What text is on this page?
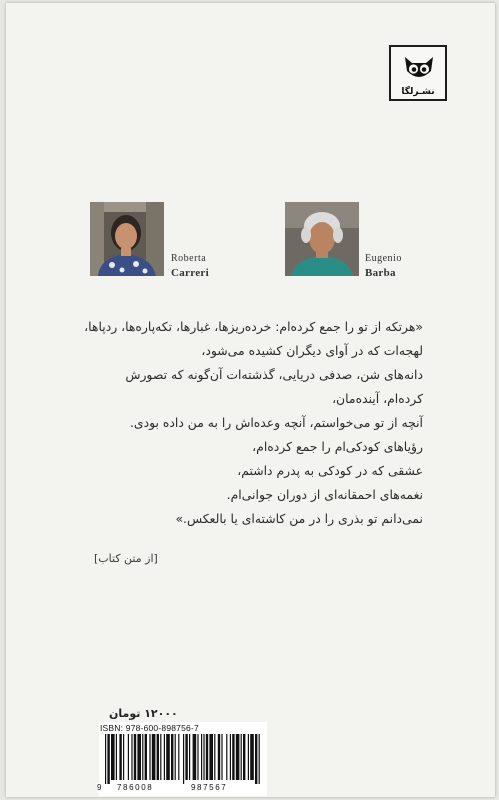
نشـرلگا
Roberta
Carreri
Eugenio
Barba
«هرتکه از تو را جمع کرده‌ام: خرده‌ریزها، غبارها، تکه‌پاره‌ها، ردپاها،
لهجه‌ات که در آوای دیگران کشیده می‌شود،
دانه‌های شن، صدفی دریایی، گذشته‌ات آن‌گونه که تصورش
کرده‌ام، آینده‌مان،
آنچه از تو می‌خواستم، آنچه وعده‌اش را به من داده بودی.
رؤیاهای کودکی‌ام را جمع کرده‌ام،
عشقی که در کودکی به پدرم داشتم،
نغمه‌های احمقانه‌ای از دوران جوانی‌ام.
نمی‌دانم تو بذری را در من کاشته‌ای یا بالعکس.»
[از متن کتاب]
۱۲۰۰۰ تومان
ISBN: 978-600-898756-7
9 786008	987567
